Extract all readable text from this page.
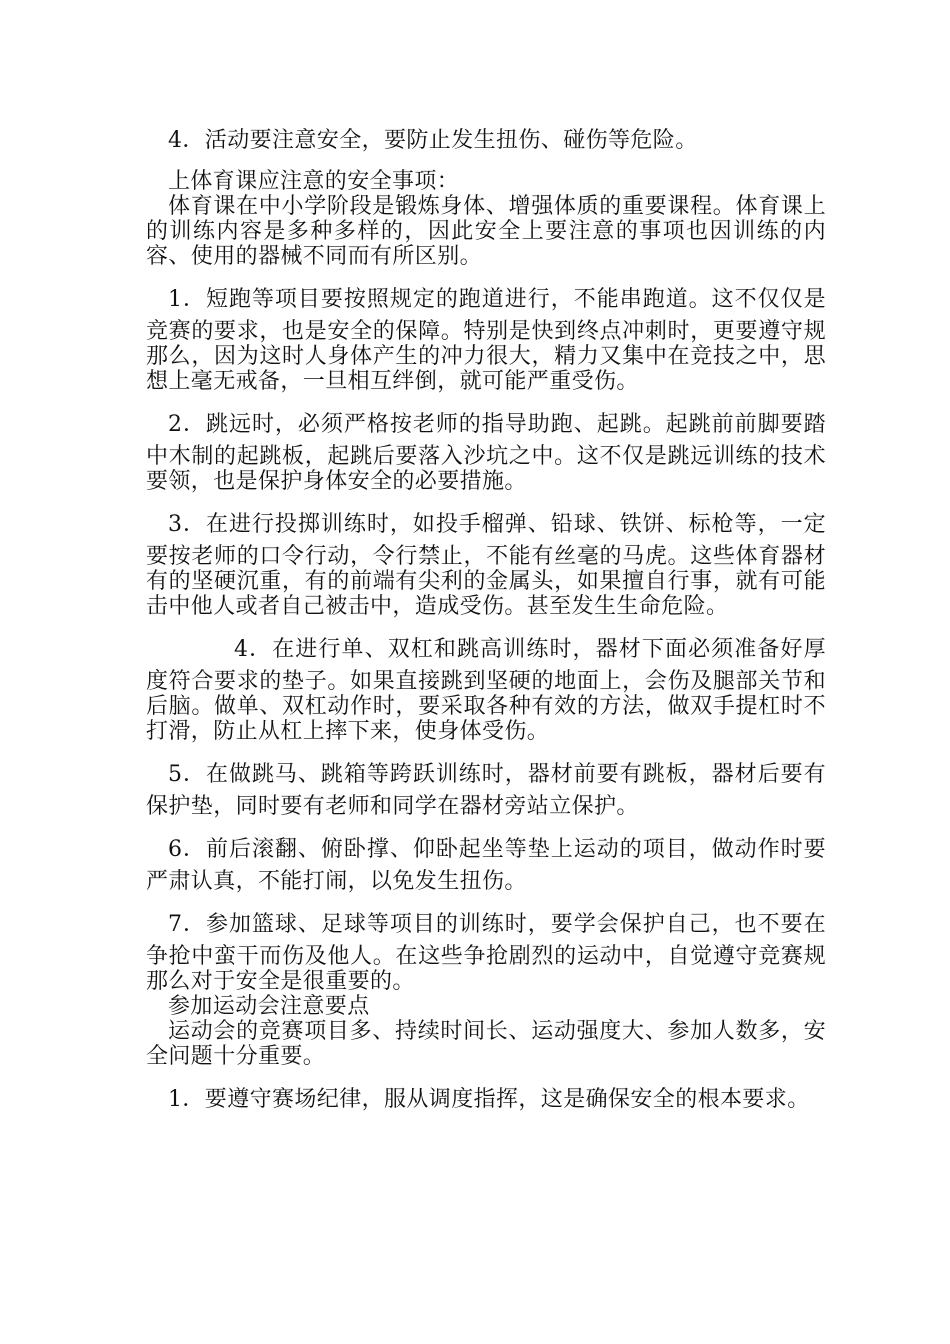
4．活动要注意安全，要防止发生扭伤、碰伤等危险。

上体育课应注意的安全事项：

体育课在中小学阶段是锻炼身体、增强体质的重要课程。体育课上的训练内容是多种多样的，因此安全上要注意的事项也因训练的内容、使用的器械不同而有所区别。

1．短跑等项目要按照规定的跑道进行，不能串跑道。这不仅仅是竞赛的要求，也是安全的保障。特别是快到终点冲刺时，更要遵守规那么，因为这时人身体产生的冲力很大，精力又集中在竞技之中，思想上毫无戒备，一旦相互绊倒，就可能严重受伤。

2．跳远时，必须严格按老师的指导助跑、起跳。起跳前前脚要踏中木制的起跳板，起跳后要落入沙坑之中。这不仅是跳远训练的技术要领，也是保护身体安全的必要措施。

3．在进行投掷训练时，如投手榴弹、铅球、铁饼、标枪等，一定要按老师的口令行动，令行禁止，不能有丝毫的马虎。这些体育器材有的坚硬沉重，有的前端有尖利的金属头，如果擅自行事，就有可能击中他人或者自己被击中，造成受伤。甚至发生生命危险。

4．在进行单、双杠和跳高训练时，器材下面必须准备好厚度符合要求的垫子。如果直接跳到坚硬的地面上，会伤及腿部关节和后脑。做单、双杠动作时，要采取各种有效的方法，做双手提杠时不打滑，防止从杠上摔下来，使身体受伤。

5．在做跳马、跳箱等跨跃训练时，器材前要有跳板，器材后要有保护垫，同时要有老师和同学在器材旁站立保护。

6．前后滚翻、俯卧撑、仰卧起坐等垫上运动的项目，做动作时要严肃认真，不能打闹，以免发生扭伤。

7．参加篮球、足球等项目的训练时，要学会保护自己，也不要在争抢中蛮干而伤及他人。在这些争抢剧烈的运动中，自觉遵守竞赛规那么对于安全是很重要的。

参加运动会注意要点

运动会的竞赛项目多、持续时间长、运动强度大、参加人数多，安全问题十分重要。

1．要遵守赛场纪律，服从调度指挥，这是确保安全的根本要求。
